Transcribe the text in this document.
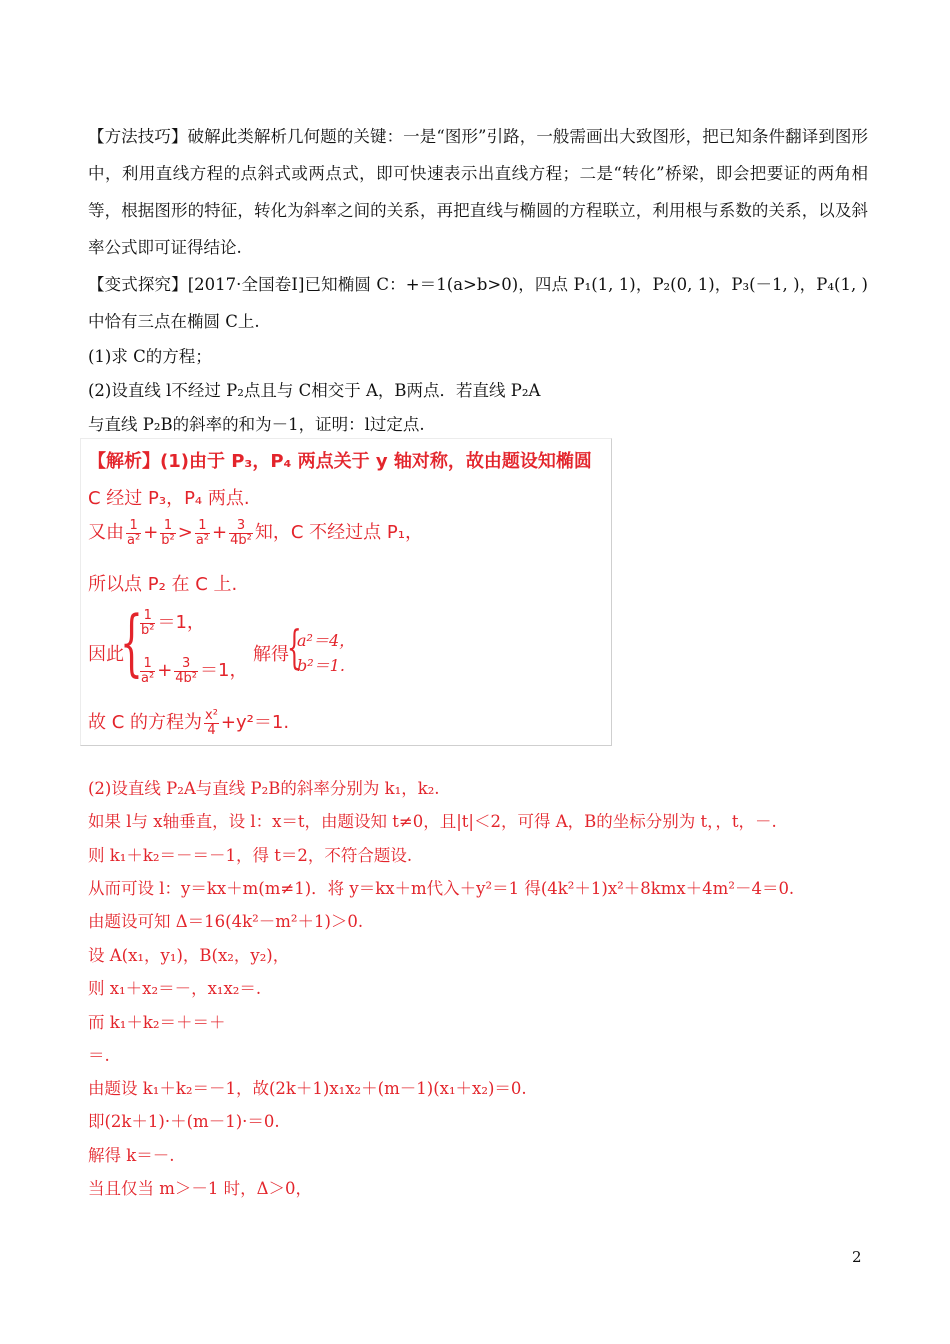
【方法技巧】破解此类解析几何题的关键：一是“图形”引路，一般需画出大致图形，把已知条件翻译到图形中，利用直线方程的点斜式或两点式，即可快速表示出直线方程；二是“转化”桥梁，即会把要证的两角相等，根据图形的特征，转化为斜率之间的关系，再把直线与椭圆的方程联立，利用根与系数的关系，以及斜率公式即可证得结论.
【变式探究】[2017·全国卷Ⅰ]已知椭圆 C：+＝1(a>b>0)，四点 P₁(1, 1)，P₂(0, 1)，P₃(－1, )，P₄(1, )中恰有三点在椭圆 C上.
(1)求 C的方程；
(2)设直线 l不经过 P₂点且与 C相交于 A，B两点．若直线 P₂A
与直线 P₂B的斜率的和为－1，证明：l过定点.
【解析】(1)由于 P₃，P₄ 两点关于 y 轴对称，故由题设知椭圆
C 经过 P₃，P₄ 两点.
又由 $\frac{1}{\text{a²}} + \frac{1}{\text{b²}} > \frac{1}{\text{a²}} + \frac{3}{\text{4b²}}$ 知，C 不经过点 P₁，
所以点 P₂ 在 C 上.
因此
{
$\frac{1}{\text{b²}} =1$，
$\frac{1}{\text{a²}} + \frac{3}{\text{4b²}} =1$，
解得
{
a²＝4，
b²＝1.
故 C 的方程为 $\frac{\text{x²}}{4} +y^2=1$.
(2)设直线 P₂A与直线 P₂B的斜率分别为 k₁，k₂.
如果 l与 x轴垂直，设 l：x＝t，由题设知 t≠0，且|t|＜2，可得 A，B的坐标分别为 t，，t，－.
则 k₁＋k₂＝－＝－1，得 t＝2，不符合题设.
从而可设 l：y＝kx＋m(m≠1)．将 y＝kx＋m代入＋y²＝1 得(4k²＋1)x²＋8kmx＋4m²－4＝0.
由题设可知 Δ＝16(4k²－m²＋1)＞0.
设 A(x₁，y₁)，B(x₂，y₂)，
则 x₁＋x₂＝－，x₁x₂＝.
而 k₁＋k₂＝＋＝＋
＝.
由题设 k₁＋k₂＝－1，故(2k＋1)x₁x₂＋(m－1)(x₁＋x₂)＝0.
即(2k＋1)·＋(m－1)·＝0.
解得 k＝－.
当且仅当 m＞－1 时，Δ＞0，
2
